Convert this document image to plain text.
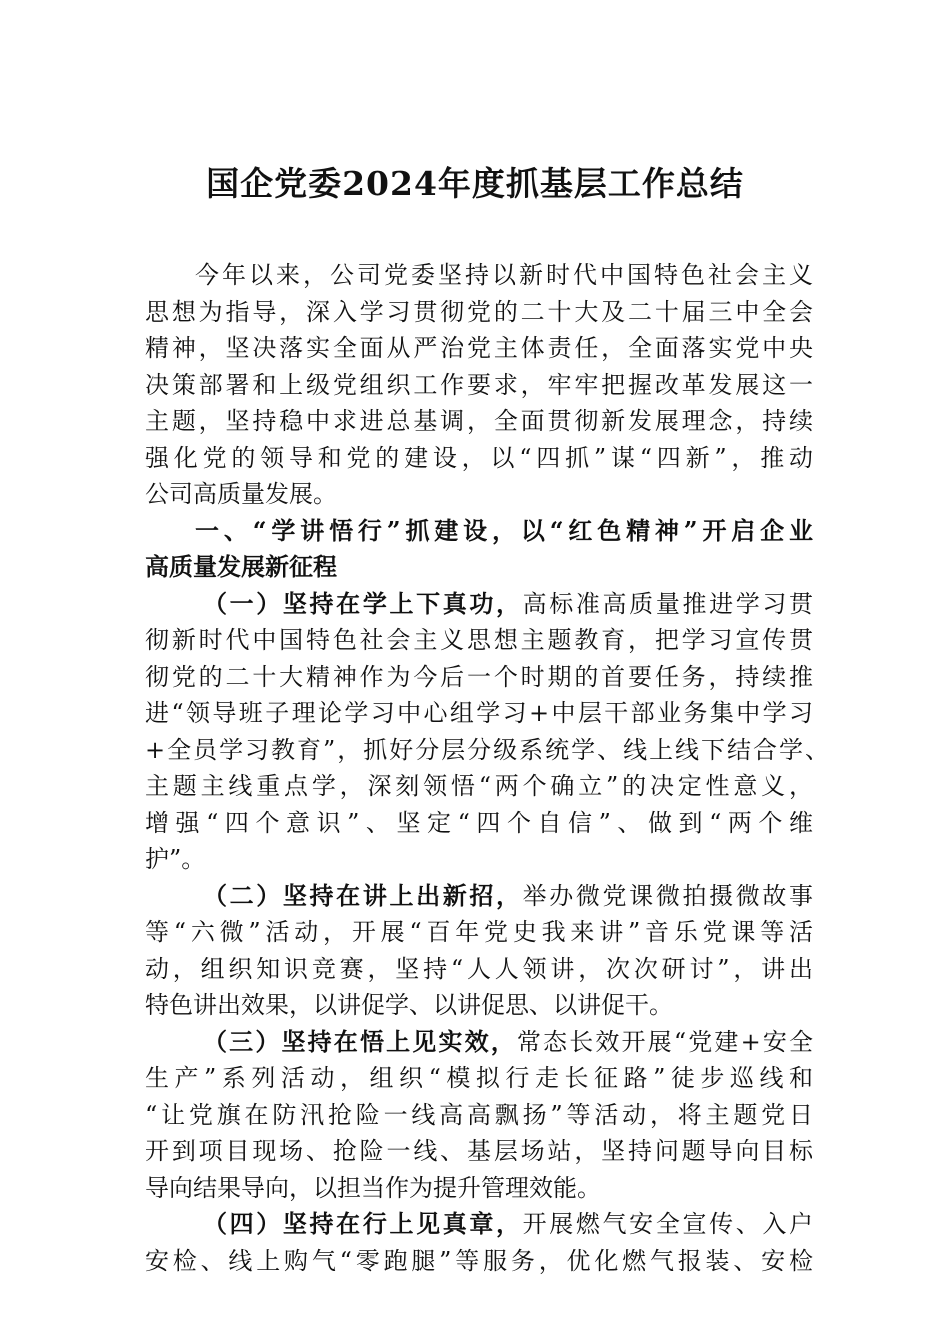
国企党委2024年度抓基层工作总结
今年以来，公司党委坚持以新时代中国特色社会主义
思想为指导，深入学习贯彻党的二十大及二十届三中全会
精神，坚决落实全面从严治党主体责任，全面落实党中央
决策部署和上级党组织工作要求，牢牢把握改革发展这一
主题，坚持稳中求进总基调，全面贯彻新发展理念，持续
强化党的领导和党的建设，以“四抓”谋“四新”，推动
公司高质量发展。
一、“学讲悟行”抓建设，以“红色精神”开启企业
高质量发展新征程
（一）坚持在学上下真功，高标准高质量推进学习贯
彻新时代中国特色社会主义思想主题教育，把学习宣传贯
彻党的二十大精神作为今后一个时期的首要任务，持续推
进“领导班子理论学习中心组学习+中层干部业务集中学习
+全员学习教育”，抓好分层分级系统学、线上线下结合学、
主题主线重点学，深刻领悟“两个确立”的决定性意义，
增强“四个意识”、坚定“四个自信”、做到“两个维
护”。
（二）坚持在讲上出新招，举办微党课微拍摄微故事
等“六微”活动，开展“百年党史我来讲”音乐党课等活
动，组织知识竞赛，坚持“人人领讲，次次研讨”，讲出
特色讲出效果，以讲促学、以讲促思、以讲促干。
（三）坚持在悟上见实效，常态长效开展“党建+安全
生产”系列活动，组织“模拟行走长征路”徒步巡线和
“让党旗在防汛抢险一线高高飘扬”等活动，将主题党日
开到项目现场、抢险一线、基层场站，坚持问题导向目标
导向结果导向，以担当作为提升管理效能。
（四）坚持在行上见真章，开展燃气安全宣传、入户
安检、线上购气“零跑腿”等服务，优化燃气报装、安检
